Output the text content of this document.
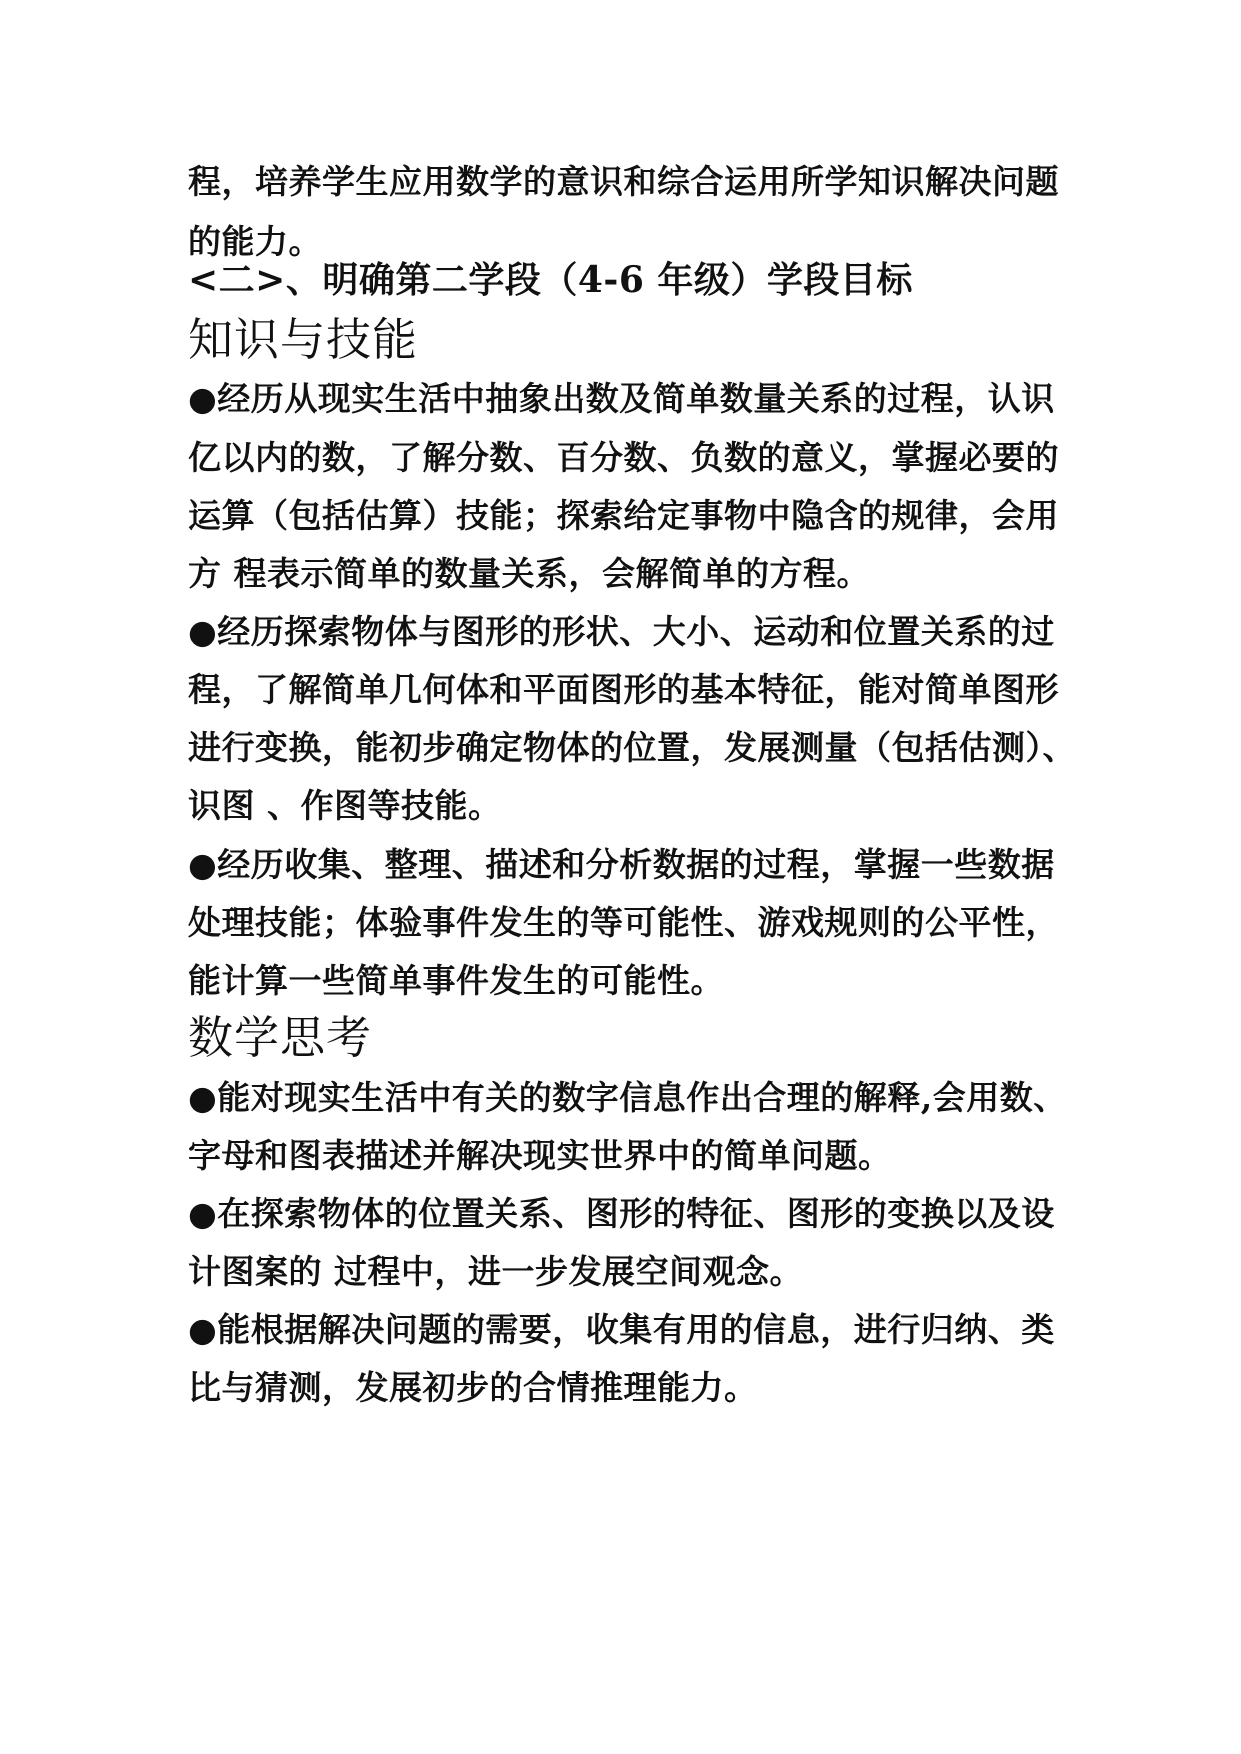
程，培养学生应用数学的意识和综合运用所学知识解决问题
的能力。
<二>、明确第二学段（4-6 年级）学段目标
知识与技能
●经历从现实生活中抽象出数及简单数量关系的过程，认识
亿以内的数，了解分数、百分数、负数的意义，掌握必要的
运算（包括估算）技能；探索给定事物中隐含的规律，会用
方 程表示简单的数量关系，会解简单的方程。
●经历探索物体与图形的形状、大小、运动和位置关系的过
程，了解简单几何体和平面图形的基本特征，能对简单图形
进行变换，能初步确定物体的位置，发展测量（包括估测）、
识图 、作图等技能。
●经历收集、整理、描述和分析数据的过程，掌握一些数据
处理技能；体验事件发生的等可能性、游戏规则的公平性，
能计算一些简单事件发生的可能性。
数学思考
●能对现实生活中有关的数字信息作出合理的解释,会用数、
字母和图表描述并解决现实世界中的简单问题。
●在探索物体的位置关系、图形的特征、图形的变换以及设
计图案的 过程中，进一步发展空间观念。
●能根据解决问题的需要，收集有用的信息，进行归纳、类
比与猜测，发展初步的合情推理能力。
